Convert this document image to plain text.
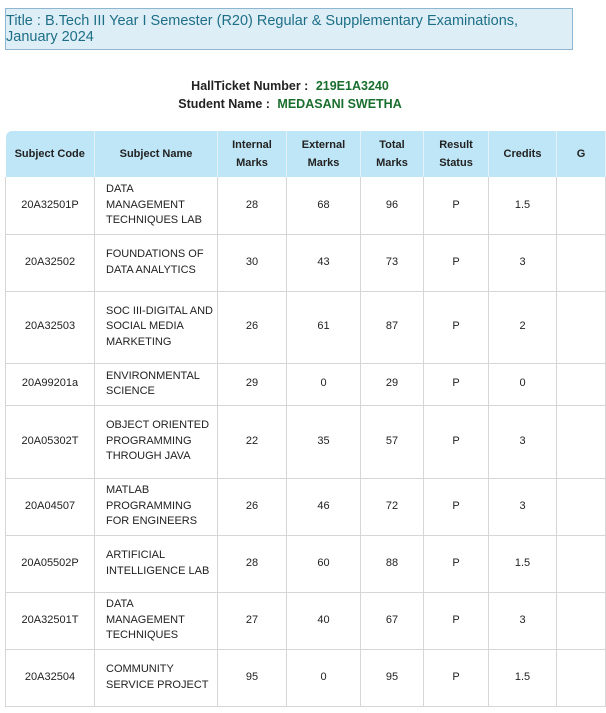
Title : B.Tech III Year I Semester (R20) Regular & Supplementary Examinations, January 2024
HallTicket Number : 219E1A3240
Student Name : MEDASANI SWETHA
Subject Code	Subject Name	Internal Marks	External Marks	Total Marks	Result Status	Credits	G
20A32501P	DATA MANAGEMENT TECHNIQUES LAB	28	68	96	P	1.5	
20A32502	FOUNDATIONS OF DATA ANALYTICS	30	43	73	P	3	
20A32503	SOC III-DIGITAL AND SOCIAL MEDIA MARKETING	26	61	87	P	2	
20A99201a	ENVIRONMENTAL SCIENCE	29	0	29	P	0	
20A05302T	OBJECT ORIENTED PROGRAMMING THROUGH JAVA	22	35	57	P	3	
20A04507	MATLAB PROGRAMMING FOR ENGINEERS	26	46	72	P	3	
20A05502P	ARTIFICIAL INTELLIGENCE LAB	28	60	88	P	1.5	
20A32501T	DATA MANAGEMENT TECHNIQUES	27	40	67	P	3	
20A32504	COMMUNITY SERVICE PROJECT	95	0	95	P	1.5	
